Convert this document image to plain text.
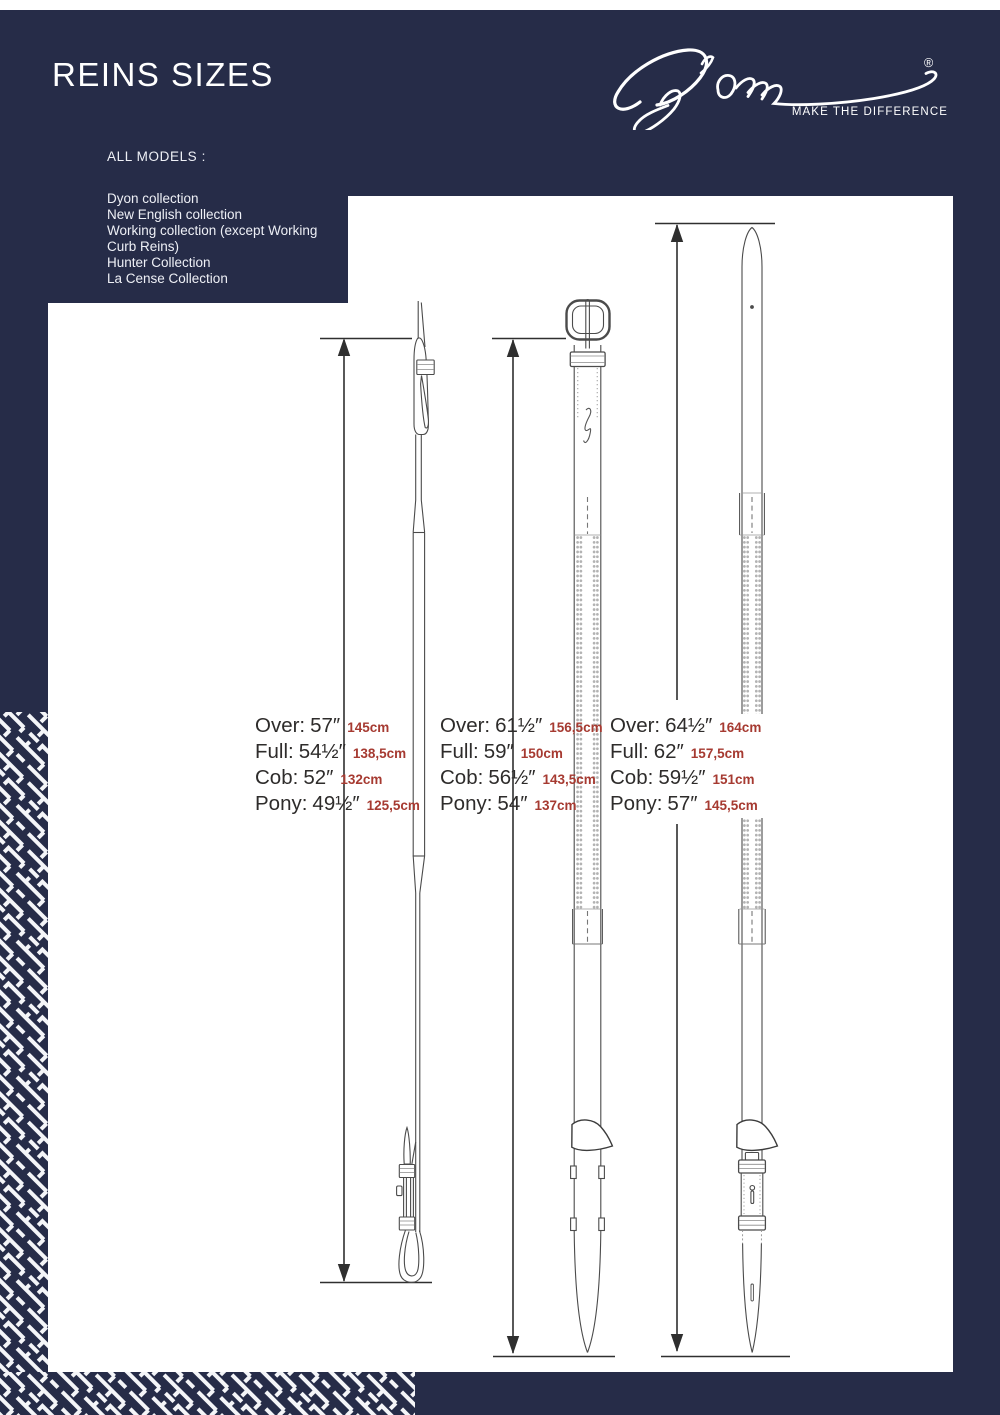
REINS SIZES	®
MAKE THE DIFFERENCE
ALL MODELS :
Dyon collection
New English collection
Working collection (except Working Curb Reins)
Hunter Collection
La Cense Collection
Over: 57″ 145cm
Full: 54½″ 138,5cm
Cob: 52″ 132cm
Pony: 49½″ 125,5cm
Over: 61½″ 156,5cm
Full: 59″ 150cm
Cob: 56½″ 143,5cm
Pony: 54″ 137cm
Over: 64½″ 164cm
Full: 62″ 157,5cm
Cob: 59½″ 151cm
Pony: 57″ 145,5cm
